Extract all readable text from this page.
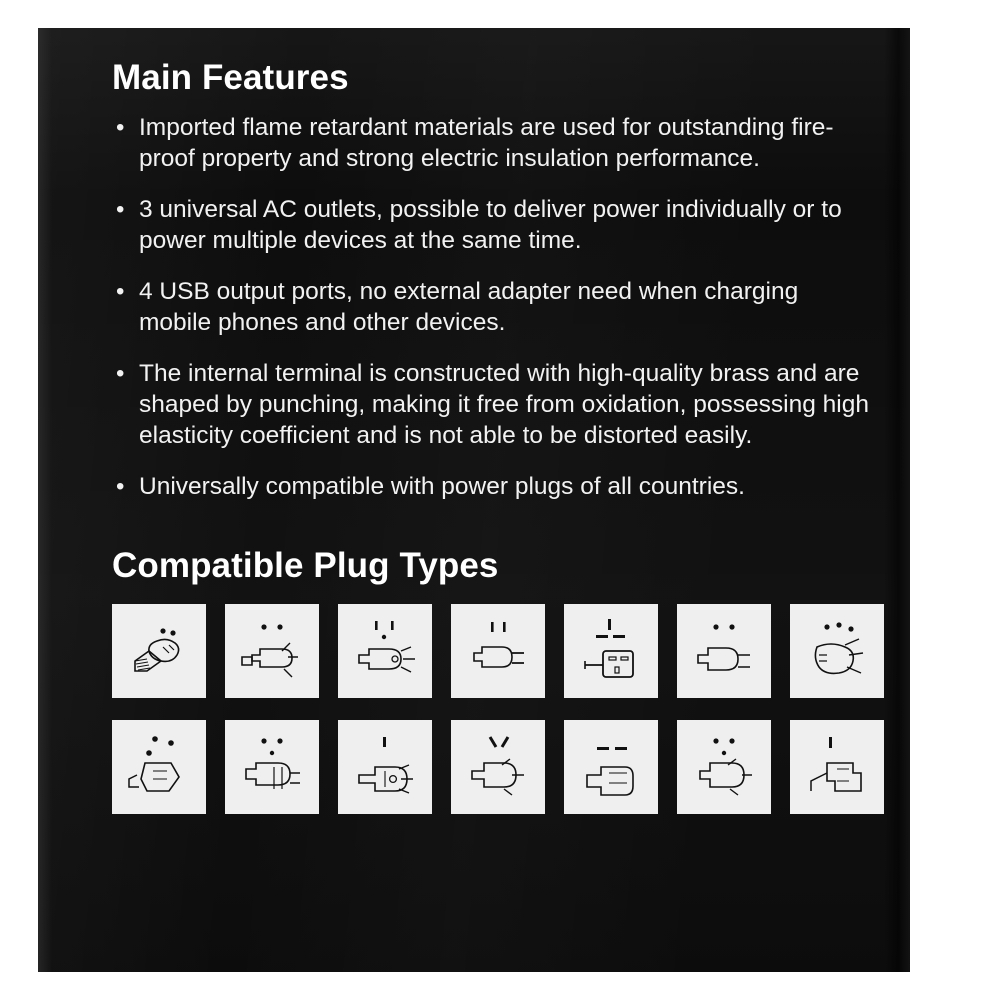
Main Features
• Imported flame retardant materials are used for outstanding fire-proof property and strong electric insulation performance.
• 3 universal AC outlets, possible to deliver power individually or to power multiple devices at the same time.
• 4 USB output ports, no external adapter need when charging mobile phones and other devices.
• The internal terminal is constructed with high-quality brass and are shaped by punching, making it free from oxidation, possessing high elasticity coefficient and is not able to be distorted easily.
• Universally compatible with power plugs of all countries.
Compatible Plug Types
